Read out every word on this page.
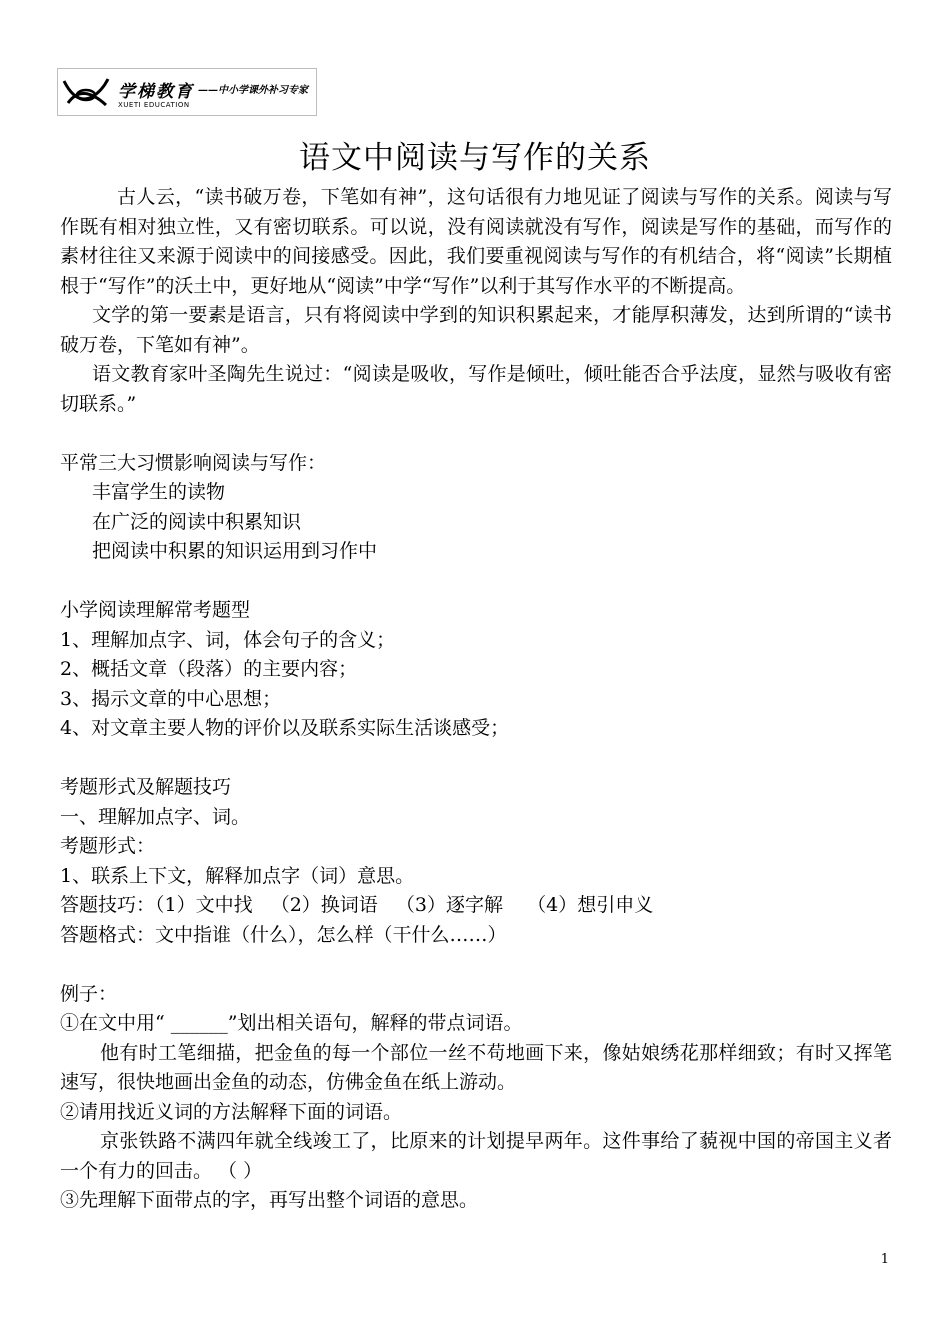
学梯教育 ——中小学课外补习专家
XUETI EDUCATION
语文中阅读与写作的关系

古人云，“读书破万卷，下笔如有神”，这句话很有力地见证了阅读与写作的关系。阅读与写作既有相对独立性，又有密切联系。可以说，没有阅读就没有写作，阅读是写作的基础，而写作的素材往往又来源于阅读中的间接感受。因此，我们要重视阅读与写作的有机结合，将“阅读”长期植根于“写作”的沃土中，更好地从“阅读”中学“写作”以利于其写作水平的不断提高。

文学的第一要素是语言，只有将阅读中学到的知识积累起来，才能厚积薄发，达到所谓的“读书破万卷，下笔如有神”。

语文教育家叶圣陶先生说过：“阅读是吸收，写作是倾吐，倾吐能否合乎法度，显然与吸收有密切联系。”

平常三大习惯影响阅读与写作：

丰富学生的读物

在广泛的阅读中积累知识

把阅读中积累的知识运用到习作中

小学阅读理解常考题型

1、理解加点字、词，体会句子的含义；

2、概括文章（段落）的主要内容；

3、揭示文章的中心思想；

4、对文章主要人物的评价以及联系实际生活谈感受；

考题形式及解题技巧

一、理解加点字、词。

考题形式：

1、联系上下文，解释加点字（词）意思。

答题技巧：（1）文中找   （2）换词语   （3）逐字解    （4）想引申义

答题格式：文中指谁（什么），怎么样（干什么……）

例子：

①在文中用“ ______”划出相关语句，解释的带点词语。

他有时工笔细描，把金鱼的每一个部位一丝不苟地画下来，像姑娘绣花那样细致；有时又挥笔速写，很快地画出金鱼的动态，仿佛金鱼在纸上游动。

②请用找近义词的方法解释下面的词语。

京张铁路不满四年就全线竣工了，比原来的计划提早两年。这件事给了藐视中国的帝国主义者一个有力的回击。 （ ）

③先理解下面带点的字，再写出整个词语的意思。

1
